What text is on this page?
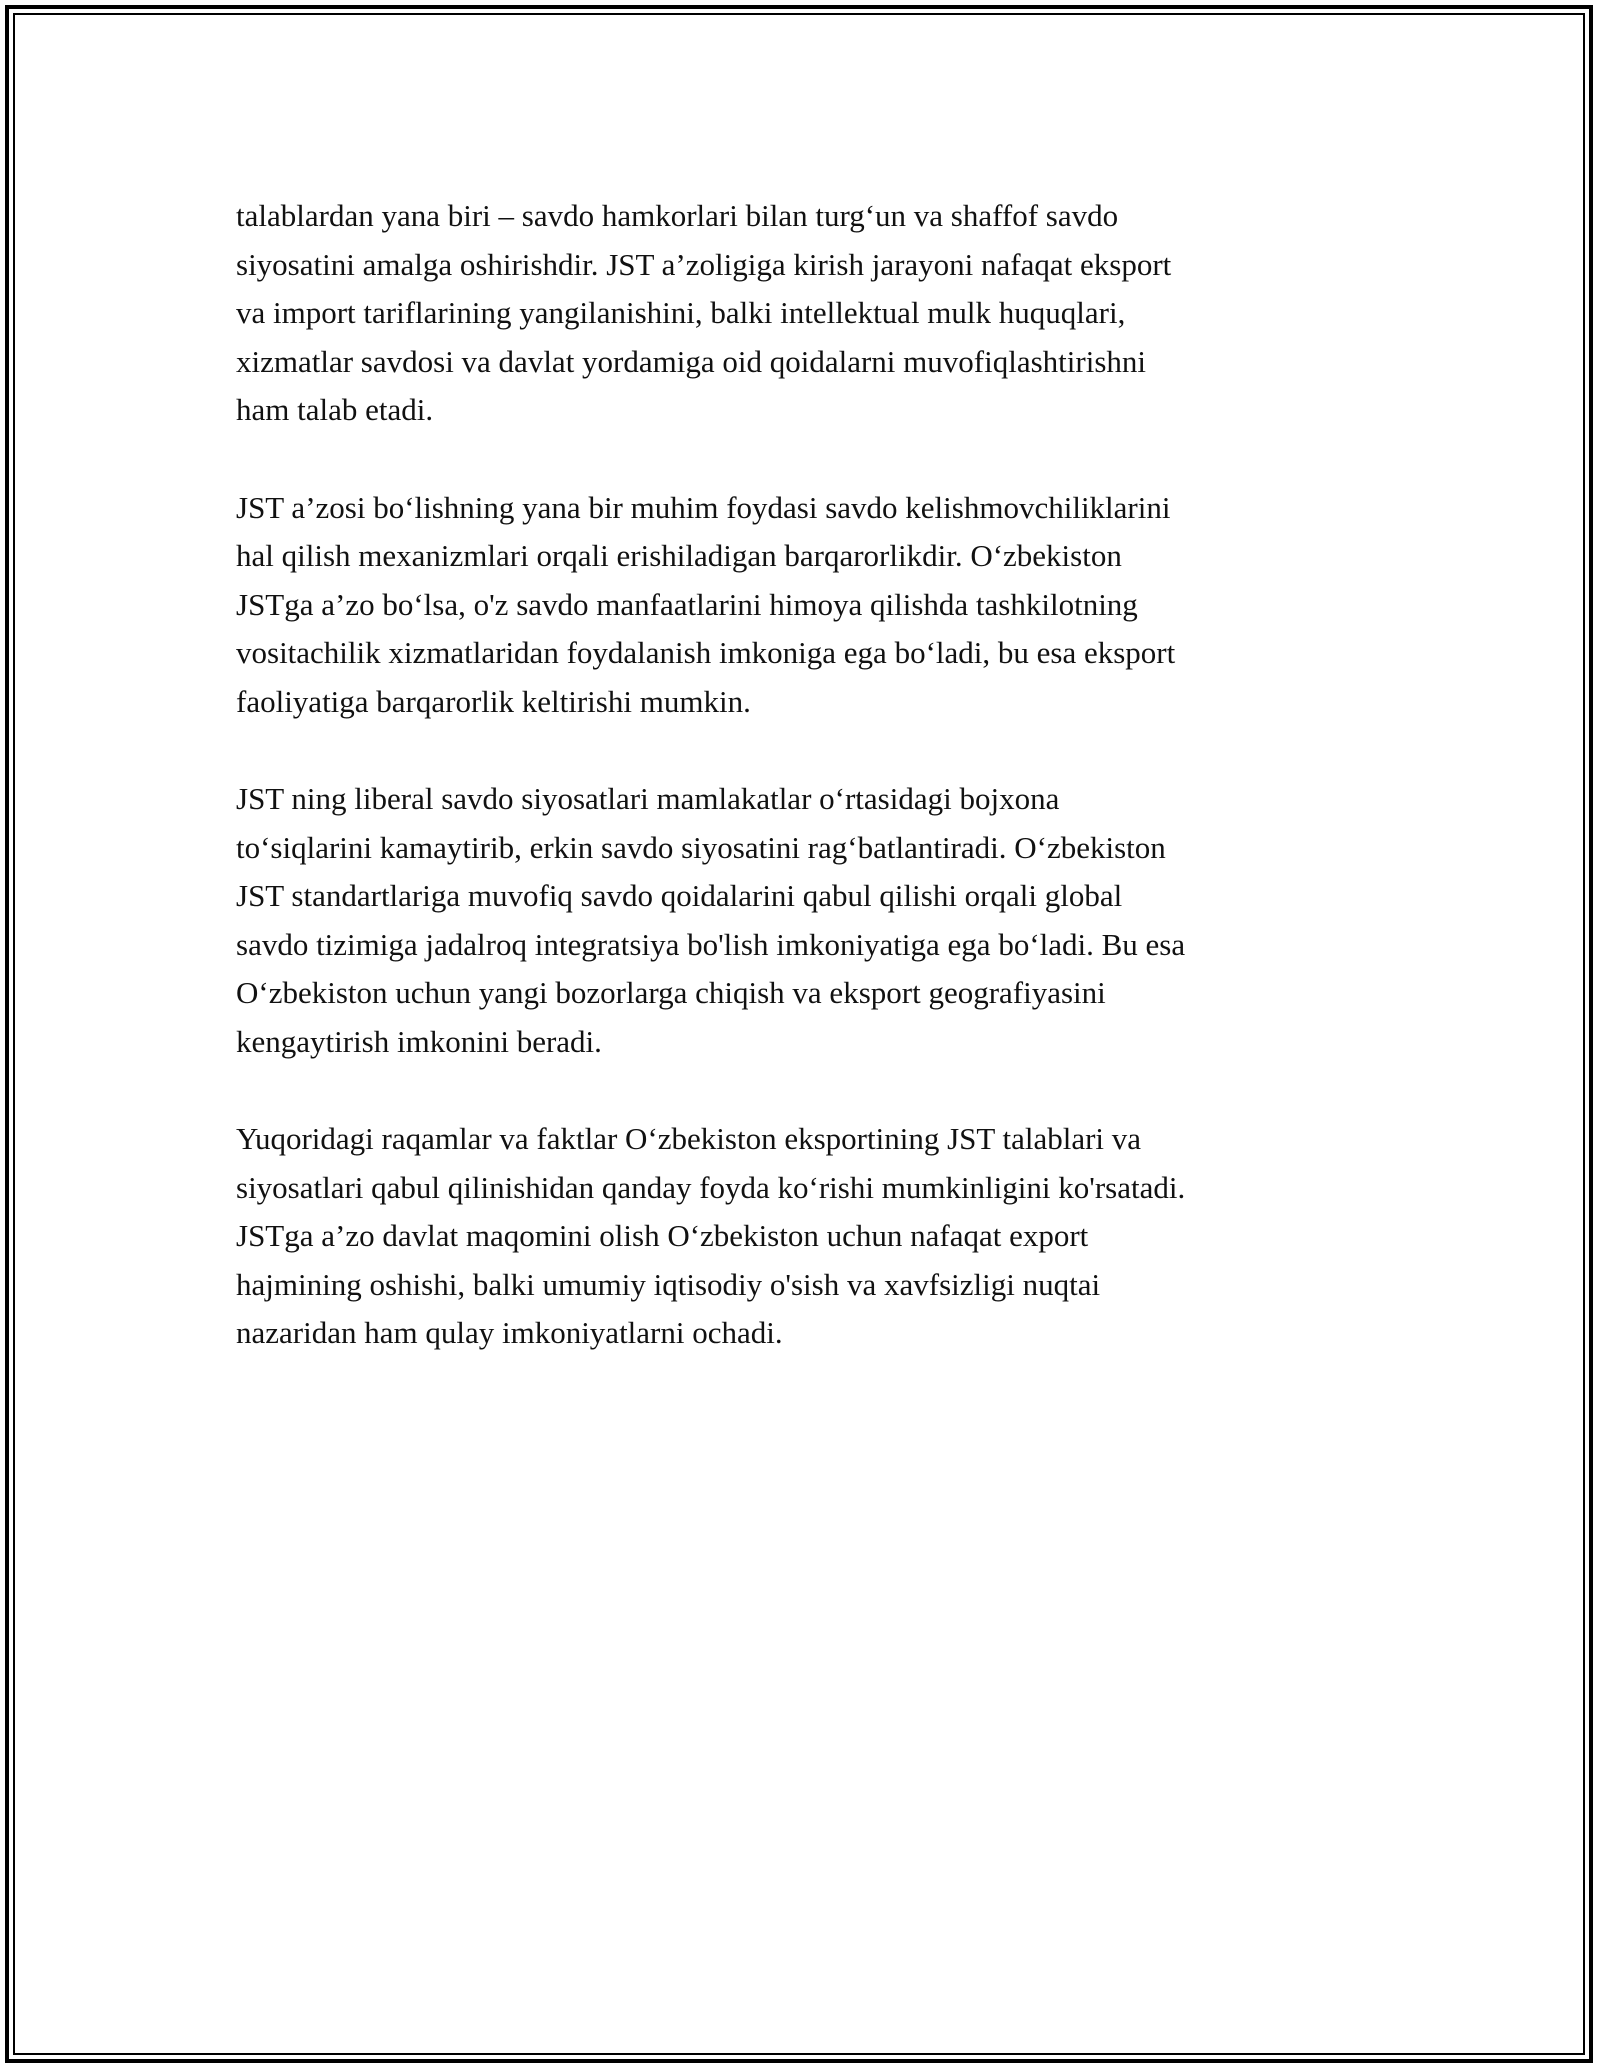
talablardan yana biri – savdo hamkorlari bilan turg‘un va shaffof savdo
siyosatini amalga oshirishdir. JST a’zoligiga kirish jarayoni nafaqat eksport
va import tariflarining yangilanishini, balki intellektual mulk huquqlari,
xizmatlar savdosi va davlat yordamiga oid qoidalarni muvofiqlashtirishni
ham talab etadi.

JST a’zosi bo‘lishning yana bir muhim foydasi savdo kelishmovchiliklarini
hal qilish mexanizmlari orqali erishiladigan barqarorlikdir. O‘zbekiston
JSTga a’zo bo‘lsa, o'z savdo manfaatlarini himoya qilishda tashkilotning
vositachilik xizmatlaridan foydalanish imkoniga ega bo‘ladi, bu esa eksport
faoliyatiga barqarorlik keltirishi mumkin.

JST ning liberal savdo siyosatlari mamlakatlar o‘rtasidagi bojxona
to‘siqlarini kamaytirib, erkin savdo siyosatini rag‘batlantiradi. O‘zbekiston
JST standartlariga muvofiq savdo qoidalarini qabul qilishi orqali global
savdo tizimiga jadalroq integratsiya bo'lish imkoniyatiga ega bo‘ladi. Bu esa
O‘zbekiston uchun yangi bozorlarga chiqish va eksport geografiyasini
kengaytirish imkonini beradi.

Yuqoridagi raqamlar va faktlar O‘zbekiston eksportining JST talablari va
siyosatlari qabul qilinishidan qanday foyda ko‘rishi mumkinligini ko'rsatadi.
JSTga a’zo davlat maqomini olish O‘zbekiston uchun nafaqat export
hajmining oshishi, balki umumiy iqtisodiy o'sish va xavfsizligi nuqtai
nazaridan ham qulay imkoniyatlarni ochadi.
